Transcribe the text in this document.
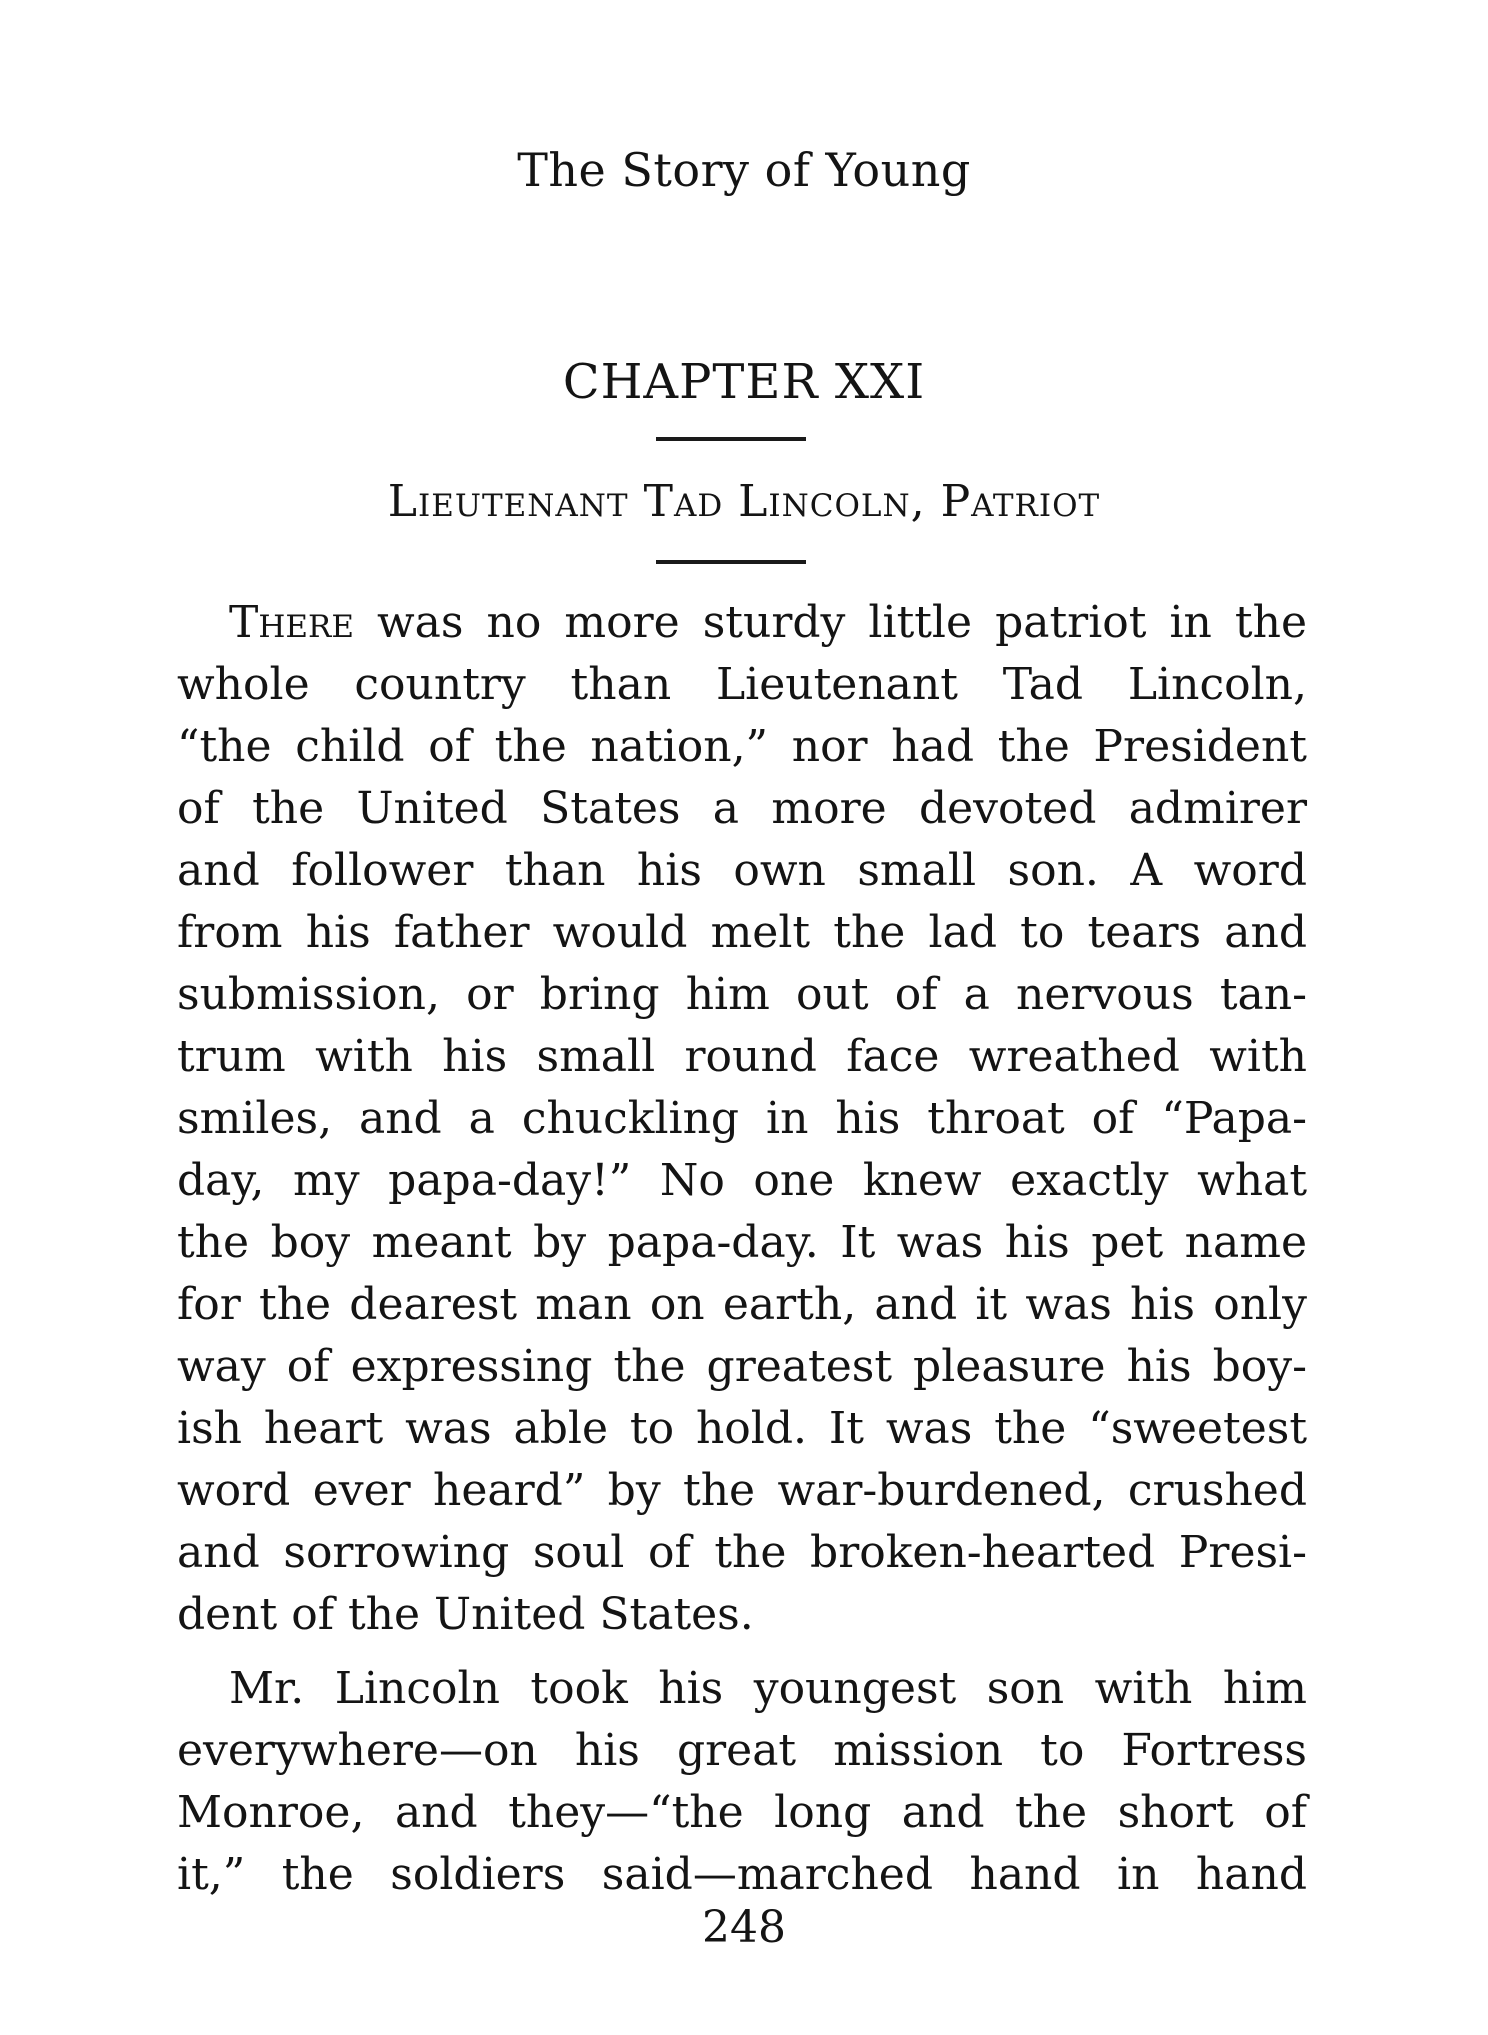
The Story of Young
CHAPTER XXI
Lieutenant Tad Lincoln, Patriot
There was no more sturdy little patriot in the
whole country than Lieutenant Tad Lincoln,
“the child of the nation,” nor had the President
of the United States a more devoted admirer
and follower than his own small son. A word
from his father would melt the lad to tears and
submission, or bring him out of a nervous tan-
trum with his small round face wreathed with
smiles, and a chuckling in his throat of “Papa-
day, my papa-day!” No one knew exactly what
the boy meant by papa-day. It was his pet name
for the dearest man on earth, and it was his only
way of expressing the greatest pleasure his boy-
ish heart was able to hold. It was the “sweetest
word ever heard” by the war-burdened, crushed
and sorrowing soul of the broken-hearted Presi-
dent of the United States.
Mr. Lincoln took his youngest son with him
everywhere—on his great mission to Fortress
Monroe, and they—“the long and the short of
it,” the soldiers said—marched hand in hand
248
